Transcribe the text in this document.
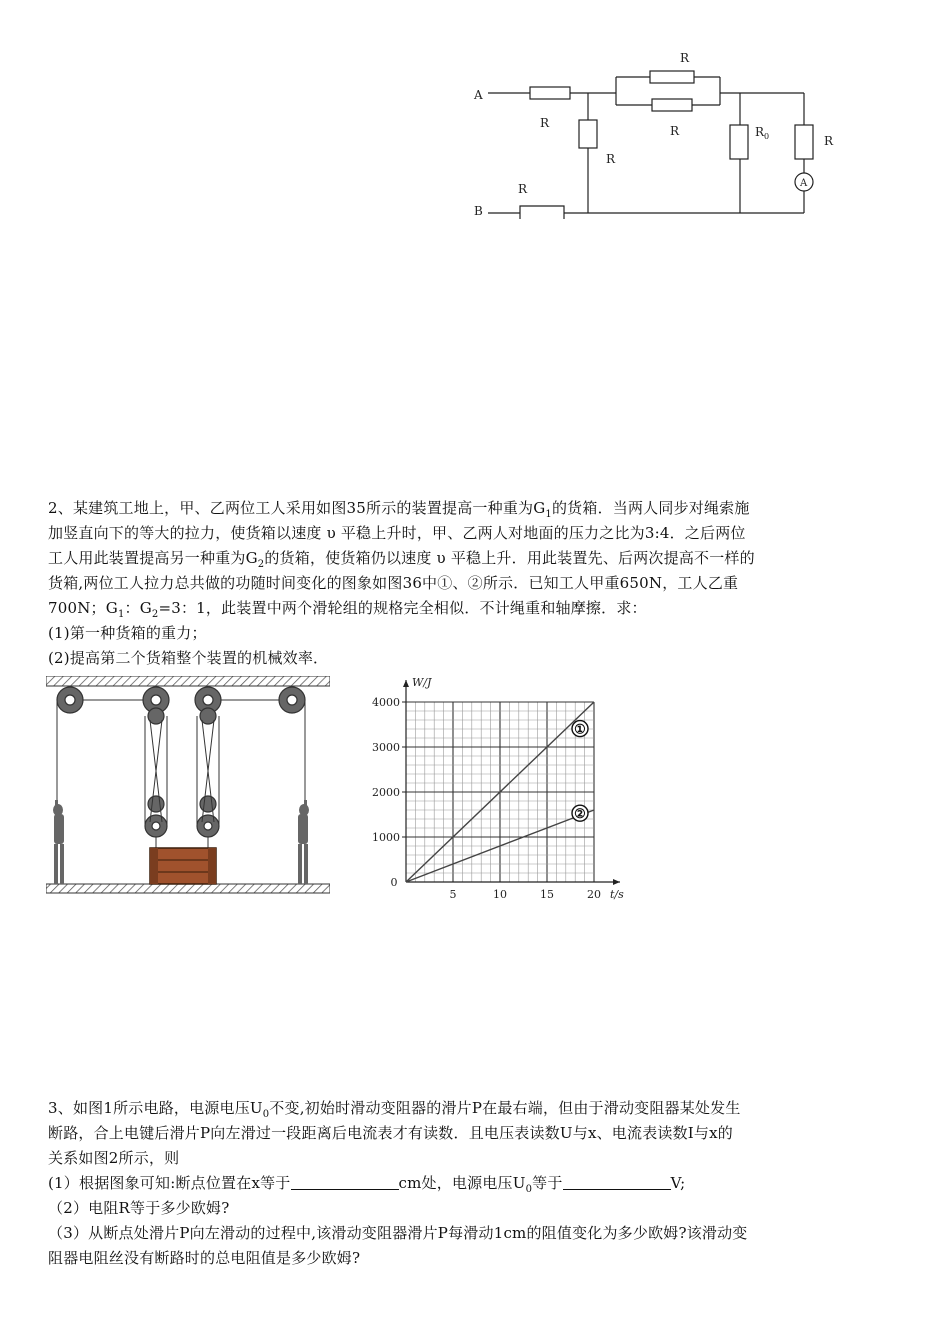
A
B
R
R
R
R
$R_0$	R
R	A
2、某建筑工地上，甲、乙两位工人采用如图35所示的装置提高一种重为$G_1$的货箱．当两人同步对绳索施
加竖直向下的等大的拉力，使货箱以速度 υ 平稳上升时，甲、乙两人对地面的压力之比为3:4．之后两位
工人用此装置提高另一种重为$G_2$的货箱，使货箱仍以速度 υ 平稳上升．用此装置先、后两次提高不一样的
货箱,两位工人拉力总共做的功随时间变化的图象如图36中①、②所示．已知工人甲重650N，工人乙重
700N；$G_1$：$G_2=3$：1，此装置中两个滑轮组的规格完全相似．不计绳重和轴摩擦．求：
(1)第一种货箱的重力；
(2)提高第二个货箱整个装置的机械效率．
0
5	10	15	20
1000
2000
3000
4000
t/s
W/J
①
②
3、如图1所示电路，电源电压$U_0$不变,初始时滑动变阻器的滑片P在最右端，但由于滑动变阻器某处发生
断路，合上电键后滑片P向左滑过一段距离后电流表才有读数．且电压表读数U与x、电流表读数I与x的
关系如图2所示，则
(1）根据图象可知:断点位置在x等于	cm处，电源电压$U_0$等于	V;
（2）电阻R等于多少欧姆?
（3）从断点处滑片P向左滑动的过程中,该滑动变阻器滑片P每滑动1cm的阻值变化为多少欧姆?该滑动变
阻器电阻丝没有断路时的总电阻值是多少欧姆?
